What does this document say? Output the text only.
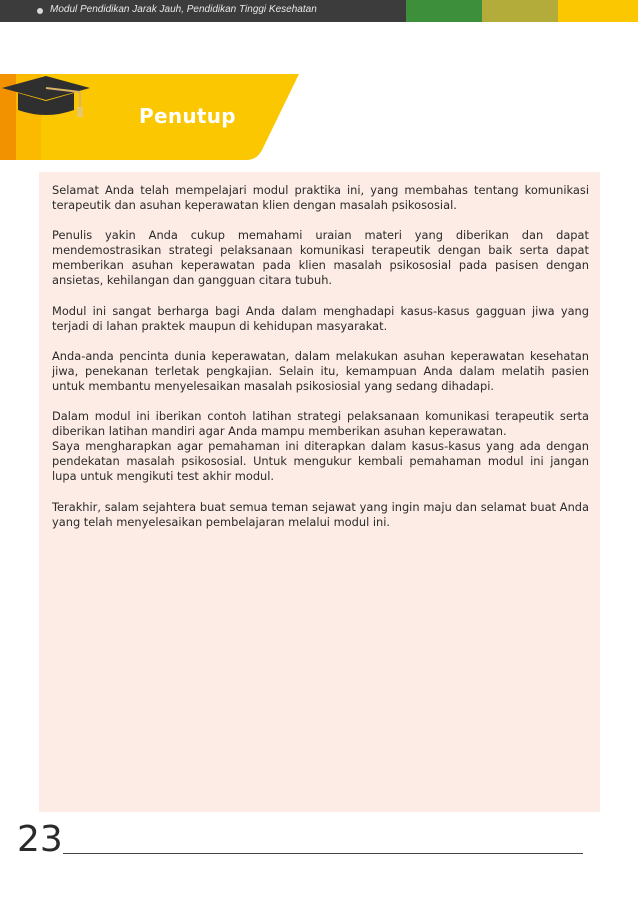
Modul Pendidikan Jarak Jauh, Pendidikan Tinggi Kesehatan
Penutup

Selamat Anda telah mempelajari modul praktika ini, yang membahas tentang komunikasi terapeutik dan asuhan keperawatan klien dengan masalah psikososial.

Penulis yakin Anda cukup memahami uraian materi yang diberikan dan dapat mendemostrasikan strategi pelaksanaan komunikasi terapeutik dengan baik serta dapat memberikan asuhan keperawatan pada klien masalah psikososial pada pasisen dengan ansietas, kehilangan dan gangguan citara tubuh.

Modul ini sangat berharga bagi Anda dalam menghadapi kasus-kasus gagguan jiwa yang terjadi di lahan praktek maupun di kehidupan masyarakat.

Anda-anda pencinta dunia keperawatan, dalam melakukan asuhan keperawatan kesehatan jiwa, penekanan terletak pengkajian. Selain itu, kemampuan Anda dalam melatih pasien untuk membantu menyelesaikan masalah psikosiosial yang sedang dihadapi.

Dalam modul ini iberikan contoh latihan strategi pelaksanaan komunikasi terapeutik serta diberikan latihan mandiri agar Anda mampu memberikan asuhan keperawatan.

Saya mengharapkan agar pemahaman ini diterapkan dalam kasus-kasus yang ada dengan pendekatan masalah psikososial. Untuk mengukur kembali pemahaman modul ini jangan lupa untuk mengikuti test akhir modul.

Terakhir, salam sejahtera buat semua teman sejawat yang ingin maju dan selamat buat Anda yang telah menyelesaikan pembelajaran melalui modul ini.

23
